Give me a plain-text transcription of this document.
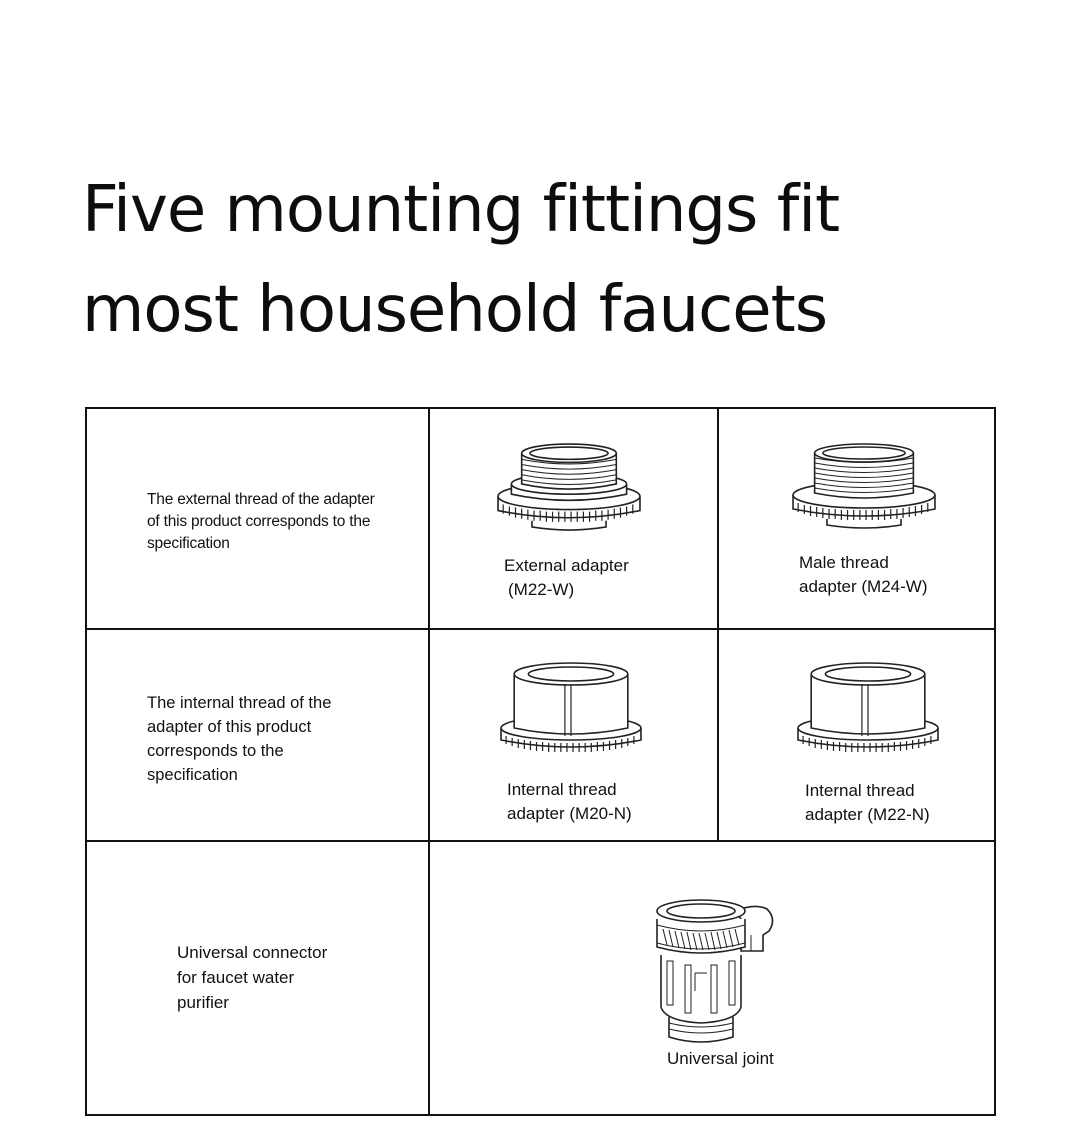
Five mounting fittings fit
most household faucets
The external thread of the adapter of this product corresponds to the specification
External adapter
(M22-W)
Male thread
adapter (M24-W)
The internal thread of the adapter of this product corresponds to the specification
Internal thread
adapter (M20-N)
Internal thread
adapter (M22-N)
Universal connector for faucet water purifier
Universal joint
